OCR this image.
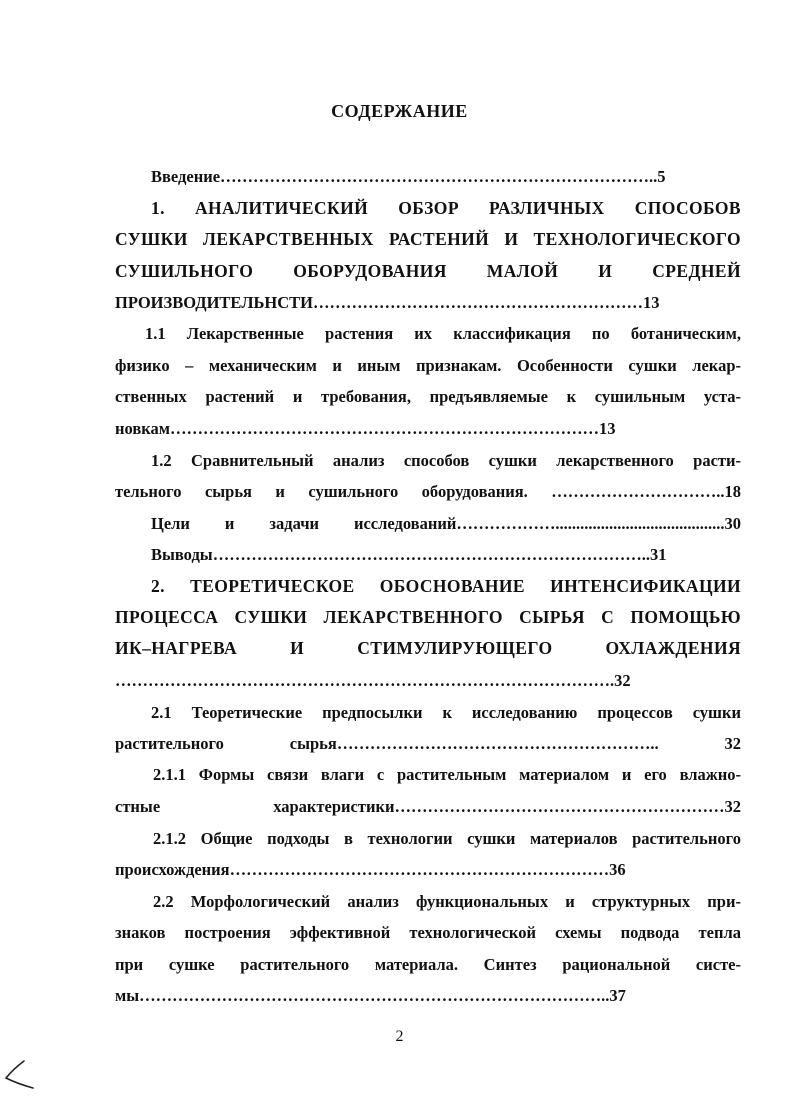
СОДЕРЖАНИЕ
Введение……………………………………………………………………..5
1. АНАЛИТИЧЕСКИЙ ОБЗОР РАЗЛИЧНЫХ СПОСОБОВ
СУШКИ ЛЕКАРСТВЕННЫХ РАСТЕНИЙ И ТЕХНОЛОГИЧЕСКОГО
СУШИЛЬНОГО ОБОРУДОВАНИЯ МАЛОЙ И СРЕДНЕЙ
ПРОИЗВОДИТЕЛЬНСТИ……………………………………………………13
1.1 Лекарственные растения их классификация по ботаническим,
физико – механическим и иным признакам. Особенности сушки лекар-
ственных растений и требования, предъявляемые к сушильным уста-
новкам……………………………………………………………………13
1.2 Сравнительный анализ способов сушки лекарственного расти-
тельного сырья и сушильного оборудования. …………………………..18
Цели и задачи исследований……………….........................................30
Выводы……………………………………………………………………..31
2. ТЕОРЕТИЧЕСКОЕ ОБОСНОВАНИЕ ИНТЕНСИФИКАЦИИ
ПРОЦЕССА СУШКИ ЛЕКАРСТВЕННОГО СЫРЬЯ С ПОМОЩЬЮ
ИК–НАГРЕВА И СТИМУЛИРУЮЩЕГО ОХЛАЖДЕНИЯ
……………………………………………………………………………….32
2.1 Теоретические предпосылки к исследованию процессов сушки
растительного сырья………………………………………………….. 32
2.1.1 Формы связи влаги с растительным материалом и его влажно-
стные характеристики……………………………………………………32
2.1.2 Общие подходы в технологии сушки материалов растительного
происхождения……………………………………………………………36
2.2 Морфологический анализ функциональных и структурных при-
знаков построения эффективной технологической схемы подвода тепла
при сушке растительного материала. Синтез рациональной систе-
мы…………………………………………………………………………..37
2
